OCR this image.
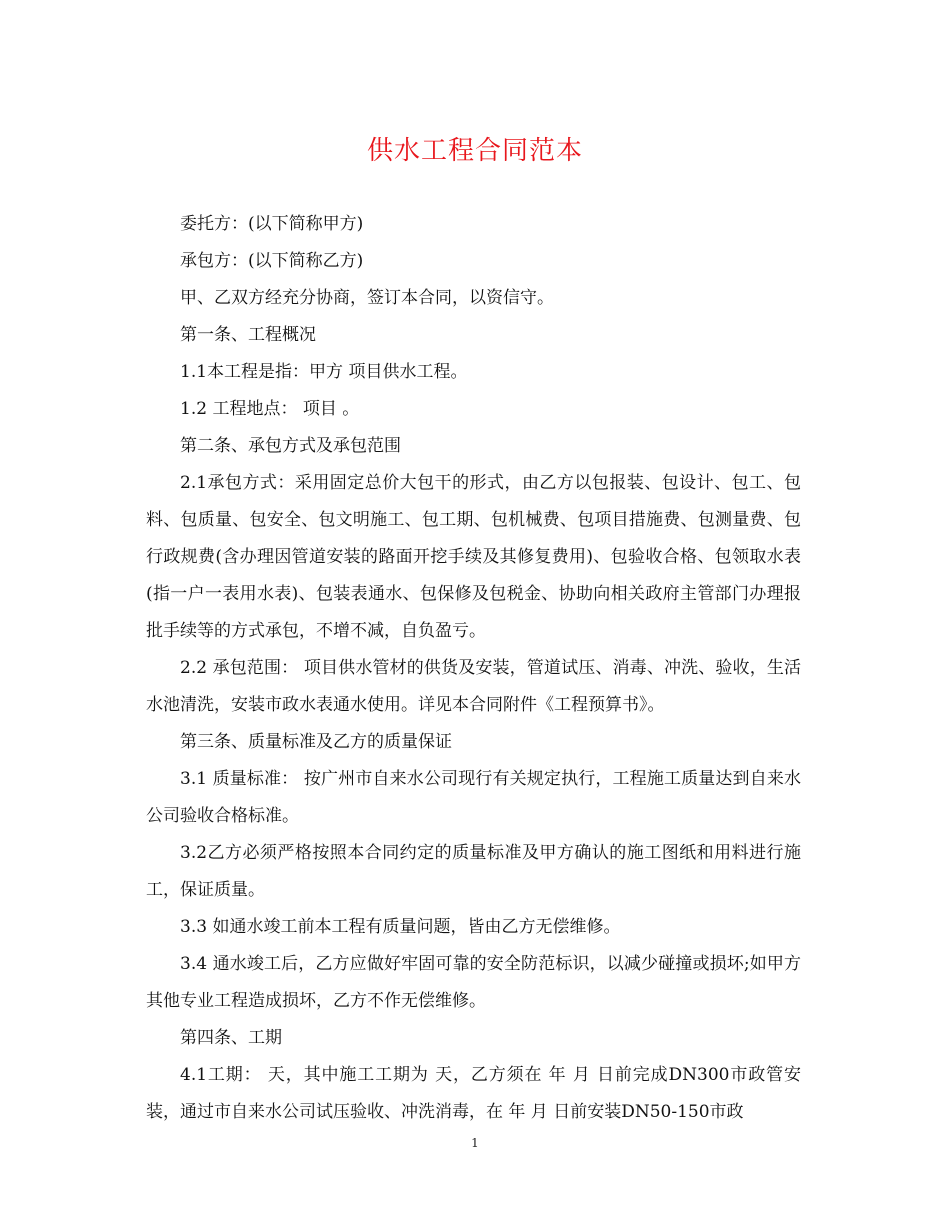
供水工程合同范本

委托方：(以下简称甲方)

承包方：(以下简称乙方)

甲、乙双方经充分协商，签订本合同，以资信守。

第一条、工程概况

1.1本工程是指：甲方 项目供水工程。

1.2 工程地点： 项目 。

第二条、承包方式及承包范围

2.1承包方式：采用固定总价大包干的形式，由乙方以包报装、包设计、包工、包料、包质量、包安全、包文明施工、包工期、包机械费、包项目措施费、包测量费、包行政规费(含办理因管道安装的路面开挖手续及其修复费用)、包验收合格、包领取水表(指一户一表用水表)、包装表通水、包保修及包税金、协助向相关政府主管部门办理报批手续等的方式承包，不增不减，自负盈亏。

2.2 承包范围： 项目供水管材的供货及安装，管道试压、消毒、冲洗、验收，生活水池清洗，安装市政水表通水使用。详见本合同附件《工程预算书》。

第三条、质量标准及乙方的质量保证

3.1 质量标准： 按广州市自来水公司现行有关规定执行，工程施工质量达到自来水公司验收合格标准。

3.2乙方必须严格按照本合同约定的质量标准及甲方确认的施工图纸和用料进行施工，保证质量。

3.3 如通水竣工前本工程有质量问题，皆由乙方无偿维修。

3.4 通水竣工后，乙方应做好牢固可靠的安全防范标识，以减少碰撞或损坏;如甲方其他专业工程造成损坏，乙方不作无偿维修。

第四条、工期

4.1工期： 天，其中施工工期为 天，乙方须在 年 月 日前完成DN300市政管安装，通过市自来水公司试压验收、冲洗消毒，在 年 月 日前安装DN50-150市政

1
